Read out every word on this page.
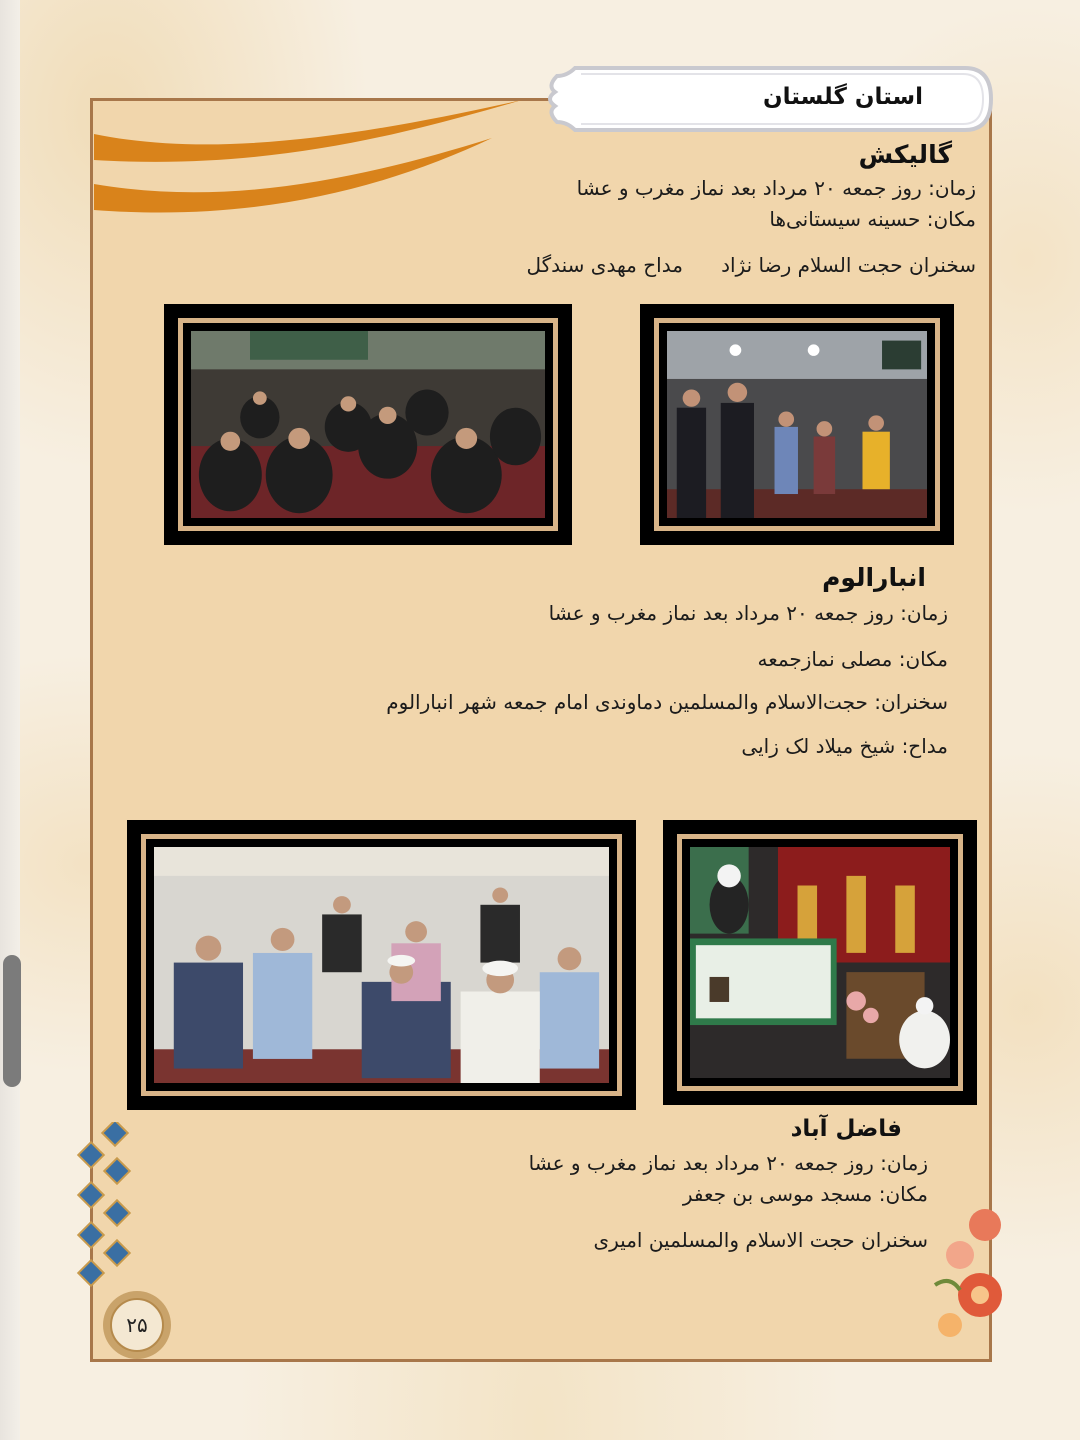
استان گلستان
گالیکش
زمان: روز جمعه ۲۰ مرداد بعد نماز مغرب و عشا
مکان: حسینه سیستانی‌ها
سخنران حجت السلام رضا نژاد      مداح مهدی سندگل
انبارالوم
زمان: روز جمعه ۲۰ مرداد بعد نماز مغرب و عشا
مکان: مصلی نمازجمعه
سخنران: حجت‌الاسلام والمسلمین دماوندی امام جمعه شهر انبارالوم
مداح: شیخ میلاد لک زایی
فاضل آباد
زمان: روز جمعه ۲۰ مرداد بعد نماز مغرب و عشا
مکان: مسجد موسی بن جعفر
سخنران حجت الاسلام والمسلمین امیری
۲۵
